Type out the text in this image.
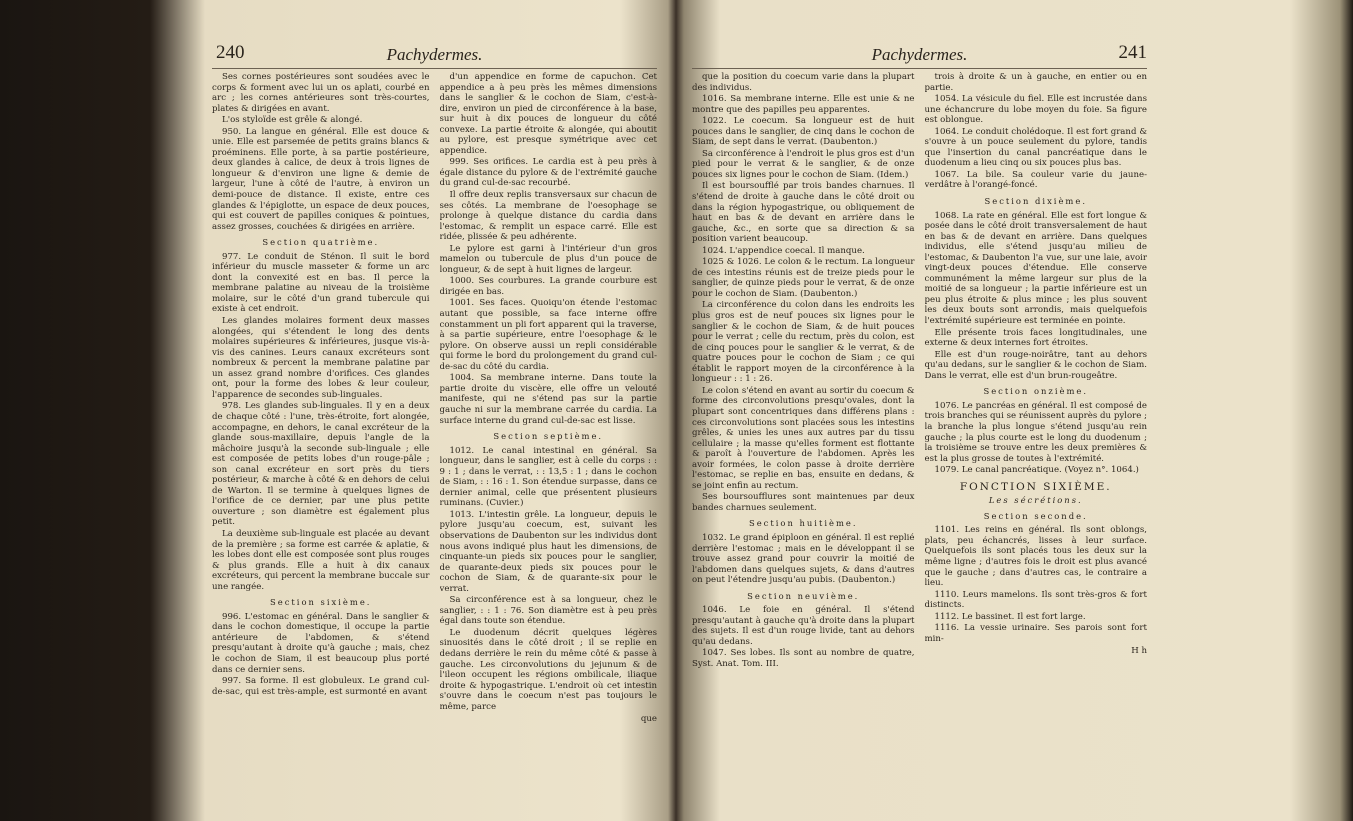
240	Pachydermes.

Ses cornes postérieures sont soudées avec le corps & forment avec lui un os aplati, courbé en arc ; les cornes antérieures sont très-courtes, plates & dirigées en avant.

L'os styloïde est grêle & alongé.

950. La langue en général. Elle est douce & unie. Elle est parsemée de petits grains blancs & proéminens. Elle porte, à sa partie postérieure, deux glandes à calice, de deux à trois lignes de longueur & d'environ une ligne & demie de largeur, l'une à côté de l'autre, à environ un demi-pouce de distance. Il existe, entre ces glandes & l'épiglotte, un espace de deux pouces, qui est couvert de papilles coniques & pointues, assez grosses, couchées & dirigées en arrière.

Section quatrième.

977. Le conduit de Sténon. Il suit le bord inférieur du muscle masseter & forme un arc dont la convexité est en bas. Il perce la membrane palatine au niveau de la troisième molaire, sur le côté d'un grand tubercule qui existe à cet endroit.

Les glandes molaires forment deux masses alongées, qui s'étendent le long des dents molaires supérieures & inférieures, jusque vis-à-vis des canines. Leurs canaux excréteurs sont nombreux & percent la membrane palatine par un assez grand nombre d'orifices. Ces glandes ont, pour la forme des lobes & leur couleur, l'apparence de secondes sub-linguales.

978. Les glandes sub-linguales. Il y en a deux de chaque côté : l'une, très-étroite, fort alongée, accompagne, en dehors, le canal excréteur de la glande sous-maxillaire, depuis l'angle de la mâchoire jusqu'à la seconde sub-linguale ; elle est composée de petits lobes d'un rouge-pâle ; son canal excréteur en sort près du tiers postérieur, & marche à côté & en dehors de celui de Warton. Il se termine à quelques lignes de l'orifice de ce dernier, par une plus petite ouverture ; son diamètre est également plus petit.

La deuxième sub-linguale est placée au devant de la première ; sa forme est carrée & aplatie, & les lobes dont elle est composée sont plus rouges & plus grands. Elle a huit à dix canaux excréteurs, qui percent la membrane buccale sur une rangée.

Section sixième.

996. L'estomac en général. Dans le sanglier & dans le cochon domestique, il occupe la partie antérieure de l'abdomen, & s'étend presqu'autant à droite qu'à gauche ; mais, chez le cochon de Siam, il est beaucoup plus porté dans ce dernier sens.

997. Sa forme. Il est globuleux. Le grand cul-de-sac, qui est très-ample, est surmonté en avant

d'un appendice en forme de capuchon. Cet appendice a à peu près les mêmes dimensions dans le sanglier & le cochon de Siam, c'est-à-dire, environ un pied de circonférence à la base, sur huit à dix pouces de longueur du côté convexe. La partie étroite & alongée, qui aboutit au pylore, est presque symétrique avec cet appendice.

999. Ses orifices. Le cardia est à peu près à égale distance du pylore & de l'extrémité gauche du grand cul-de-sac recourbé.

Il offre deux replis transversaux sur chacun de ses côtés. La membrane de l'oesophage se prolonge à quelque distance du cardia dans l'estomac, & remplit un espace carré. Elle est ridée, plissée & peu adhérente.

Le pylore est garni à l'intérieur d'un gros mamelon ou tubercule de plus d'un pouce de longueur, & de sept à huit lignes de largeur.

1000. Ses courbures. La grande courbure est dirigée en bas.

1001. Ses faces. Quoiqu'on étende l'estomac autant que possible, sa face interne offre constamment un pli fort apparent qui la traverse, à sa partie supérieure, entre l'oesophage & le pylore. On observe aussi un repli considérable qui forme le bord du prolongement du grand cul-de-sac du côté du cardia.

1004. Sa membrane interne. Dans toute la partie droite du viscère, elle offre un velouté manifeste, qui ne s'étend pas sur la partie gauche ni sur la membrane carrée du cardia. La surface interne du grand cul-de-sac est lisse.

Section septième.

1012. Le canal intestinal en général. Sa longueur, dans le sanglier, est à celle du corps : : 9 : 1 ; dans le verrat, : : 13,5 : 1 ; dans le cochon de Siam, : : 16 : 1. Son étendue surpasse, dans ce dernier animal, celle que présentent plusieurs ruminans. (Cuvier.)

1013. L'intestin grêle. La longueur, depuis le pylore jusqu'au coecum, est, suivant les observations de Daubenton sur les individus dont nous avons indiqué plus haut les dimensions, de cinquante-un pieds six pouces pour le sanglier, de quarante-deux pieds six pouces pour le cochon de Siam, & de quarante-six pour le verrat.

Sa circonférence est à sa longueur, chez le sanglier, : : 1 : 76. Son diamètre est à peu près égal dans toute son étendue.

Le duodenum décrit quelques légères sinuosités dans le côté droit ; il se replie en dedans derrière le rein du même côté & passe à gauche. Les circonvolutions du jejunum & de l'ileon occupent les régions ombilicale, iliaque droite & hypogastrique. L'endroit où cet intestin s'ouvre dans le coecum n'est pas toujours le même, parce

que
Pachydermes.	241

que la position du coecum varie dans la plupart des individus.

1016. Sa membrane interne. Elle est unie & ne montre que des papilles peu apparentes.

1022. Le coecum. Sa longueur est de huit pouces dans le sanglier, de cinq dans le cochon de Siam, de sept dans le verrat. (Daubenton.)

Sa circonférence à l'endroit le plus gros est d'un pied pour le verrat & le sanglier, & de onze pouces six lignes pour le cochon de Siam. (Idem.)

Il est boursoufflé par trois bandes charnues. Il s'étend de droite à gauche dans le côté droit ou dans la région hypogastrique, ou obliquement de haut en bas & de devant en arrière dans le gauche, &c., en sorte que sa direction & sa position varient beaucoup.

1024. L'appendice coecal. Il manque.

1025 & 1026. Le colon & le rectum. La longueur de ces intestins réunis est de treize pieds pour le sanglier, de quinze pieds pour le verrat, & de onze pour le cochon de Siam. (Daubenton.)

La circonférence du colon dans les endroits les plus gros est de neuf pouces six lignes pour le sanglier & le cochon de Siam, & de huit pouces pour le verrat ; celle du rectum, près du colon, est de cinq pouces pour le sanglier & le verrat, & de quatre pouces pour le cochon de Siam ; ce qui établit le rapport moyen de la circonférence à la longueur : : 1 : 26.

Le colon s'étend en avant au sortir du coecum & forme des circonvolutions presqu'ovales, dont la plupart sont concentriques dans différens plans : ces circonvolutions sont placées sous les intestins grêles, & unies les unes aux autres par du tissu cellulaire ; la masse qu'elles forment est flottante & paroît à l'ouverture de l'abdomen. Après les avoir formées, le colon passe à droite derrière l'estomac, se replie en bas, ensuite en dedans, & se joint enfin au rectum.

Ses boursoufflures sont maintenues par deux bandes charnues seulement.

Section huitième.

1032. Le grand épiploon en général. Il est replié derrière l'estomac ; mais en le développant il se trouve assez grand pour couvrir la moitié de l'abdomen dans quelques sujets, & dans d'autres on peut l'étendre jusqu'au pubis. (Daubenton.)

Section neuvième.

1046. Le foie en général. Il s'étend presqu'autant à gauche qu'à droite dans la plupart des sujets. Il est d'un rouge livide, tant au dehors qu'au dedans.

1047. Ses lobes. Ils sont au nombre de quatre, Syst. Anat. Tom. III.

trois à droite & un à gauche, en entier ou en partie.

1054. La vésicule du fiel. Elle est incrustée dans une échancrure du lobe moyen du foie. Sa figure est oblongue.

1064. Le conduit cholédoque. Il est fort grand & s'ouvre à un pouce seulement du pylore, tandis que l'insertion du canal pancréatique dans le duodenum a lieu cinq ou six pouces plus bas.

1067. La bile. Sa couleur varie du jaune-verdâtre à l'orangé-foncé.

Section dixième.

1068. La rate en général. Elle est fort longue & posée dans le côté droit transversalement de haut en bas & de devant en arrière. Dans quelques individus, elle s'étend jusqu'au milieu de l'estomac, & Daubenton l'a vue, sur une laie, avoir vingt-deux pouces d'étendue. Elle conserve communément la même largeur sur plus de la moitié de sa longueur ; la partie inférieure est un peu plus étroite & plus mince ; les plus souvent les deux bouts sont arrondis, mais quelquefois l'extrémité supérieure est terminée en pointe.

Elle présente trois faces longitudinales, une externe & deux internes fort étroites.

Elle est d'un rouge-noirâtre, tant au dehors qu'au dedans, sur le sanglier & le cochon de Siam. Dans le verrat, elle est d'un brun-rougeâtre.

Section onzième.

1076. Le pancréas en général. Il est composé de trois branches qui se réunissent auprès du pylore ; la branche la plus longue s'étend jusqu'au rein gauche ; la plus courte est le long du duodenum ; la troisième se trouve entre les deux premières & est la plus grosse de toutes à l'extrémité.

1079. Le canal pancréatique. (Voyez n°. 1064.)

FONCTION SIXIÈME.
Les sécrétions.
Section seconde.

1101. Les reins en général. Ils sont oblongs, plats, peu échancrés, lisses à leur surface. Quelquefois ils sont placés tous les deux sur la même ligne ; d'autres fois le droit est plus avancé que le gauche ; dans d'autres cas, le contraire a lieu.

1110. Leurs mamelons. Ils sont très-gros & fort distincts.

1112. Le bassinet. Il est fort large.

1116. La vessie urinaire. Ses parois sont fort min-

H h
